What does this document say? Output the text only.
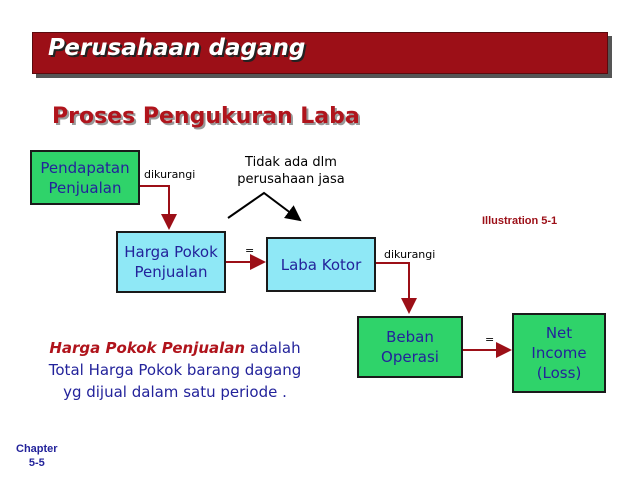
Perusahaan dagang
Proses Pengukuran Laba
Pendapatan
Penjualan
Harga Pokok
Penjualan	Laba Kotor
Beban
Operasi
Net
Income
(Loss)
dikurangi
=	dikurangi
=
Tidak ada dlm
perusahaan jasa
Illustration 5-1
Harga Pokok Penjualan adalah Total Harga Pokok barang dagang yg dijual dalam satu periode .
Chapter
5-5
